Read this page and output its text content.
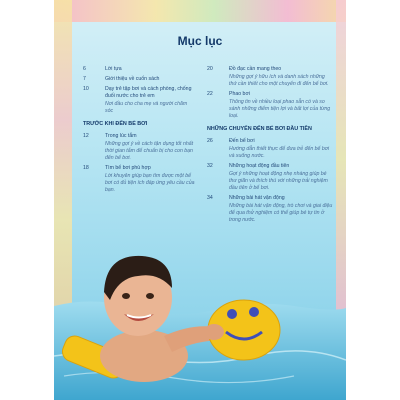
Mục lục
6	Lời tựa
7	Giới thiệu về cuốn sách
10	Dạy trẻ tập bơi và cách phòng, chống đuối nước cho trẻ em
Nơi đầu cho cha mẹ và người chăm sóc
TRƯỚC KHI ĐẾN BỂ BƠI
12	Trong lúc tắm
Những gợi ý về cách tận dụng tốt nhất thời gian tắm để chuẩn bị cho con bạn đến bể bơi.
18	Tìm bể bơi phù hợp
Lời khuyên giúp bạn tìm được một bể bơi có đủ tiện ích đáp ứng yêu cầu của bạn.
20	Đồ đạc cần mang theo
Những gợi ý hữu ích và danh sách những thứ cần thiết cho một chuyến đi đến bể bơi.
22	Phao bơi
Thông tin về nhiều loại phao sẵn có và so sánh những điểm tiện lợi và bất lợi của từng loại.
NHỮNG CHUYẾN ĐẾN BỂ BƠI ĐẦU TIÊN
26	Đến bể bơi
Hướng dẫn thiết thực để đưa trẻ đến bể bơi và xuống nước.
32	Những hoạt động đầu tiên
Gợi ý những hoạt động nhẹ nhàng giúp bé thư giãn và thích thú với những trải nghiệm đầu tiên ở bể bơi.
34	Những bài hát vận động
Những bài hát vận động, trò chơi và giai điệu để qua thử nghiệm có thể giúp bé tự tin ở trong nước.
